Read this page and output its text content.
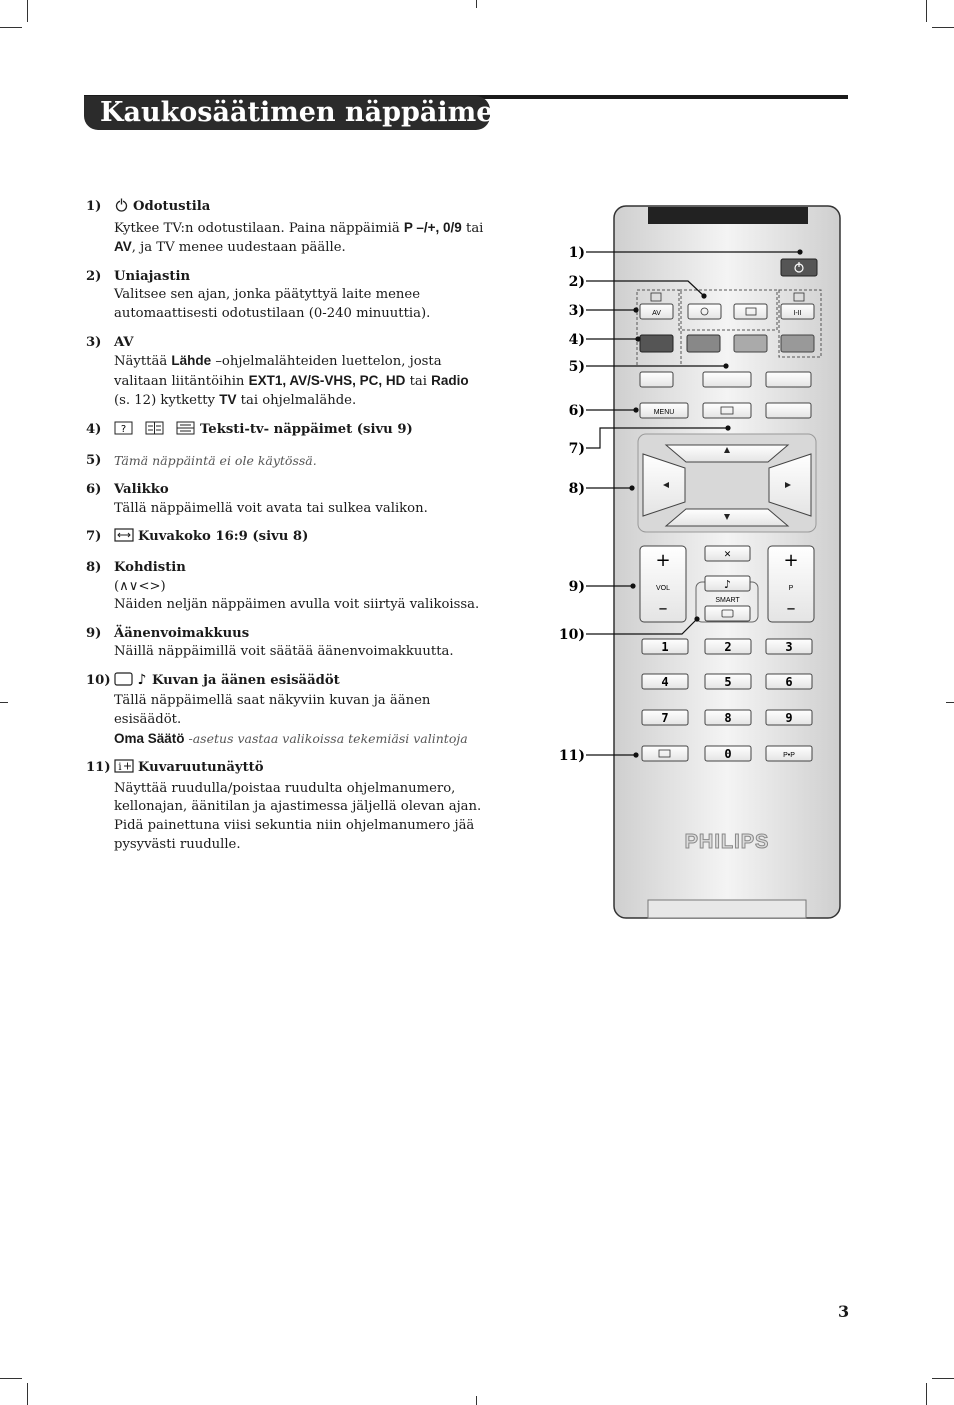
Kaukosäätimen näppäimet
1)	Odotustila
Kytkee TV:n odotustilaan. Paina näppäimiä P –/+, 0/9 tai AV, ja TV menee uudestaan päälle.
2) Uniajastin
Valitsee sen ajan, jonka päätyttyä laite menee automaattisesti odotustilaan (0-240 minuuttia).
3) AV
Näyttää Lähde –ohjelmalähteiden luettelon, josta valitaan liitäntöihin EXT1, AV/S-VHS, PC, HD tai Radio (s. 12) kytketty TV tai ohjelmalähde.
4) ?	Teksti-tv- näppäimet (sivu 9)
5) Tämä näppäintä ei ole käytössä.
6) Valikko
Tällä näppäimellä voit avata tai sulkea valikon.
7)	Kuvakoko 16:9 (sivu 8)
8) Kohdistin
(∧∨<>)
Näiden neljän näppäimen avulla voit siirtyä valikoissa.
9) Äänenvoimakkuus
Näillä näppäimillä voit säätää äänenvoimakkuutta.
10) ♪ Kuvan ja äänen esisäädöt
Tällä näppäimellä saat näkyviin kuvan ja äänen esisäädöt.
Oma Säätö -asetus vastaa valikoissa tekemiäsi valintoja
11) i Kuvaruutunäyttö
Näyttää ruudulla/poistaa ruudulta ohjelmanumero, kellonajan, äänitilan ja ajastimessa jäljellä olevan ajan. Pidä painettuna viisi sekuntia niin ohjelmanumero jää pysyvästi ruudulle.
AV	I-II
MENU
+
VOL
–
+
P
–
✕
♪
SMART
1	2	3
4	5	6
7	8	9
0	P•P
PHILIPS
1)
2)
3)
4)
5)
6)
7)
8)
9)
10)
11)
3
